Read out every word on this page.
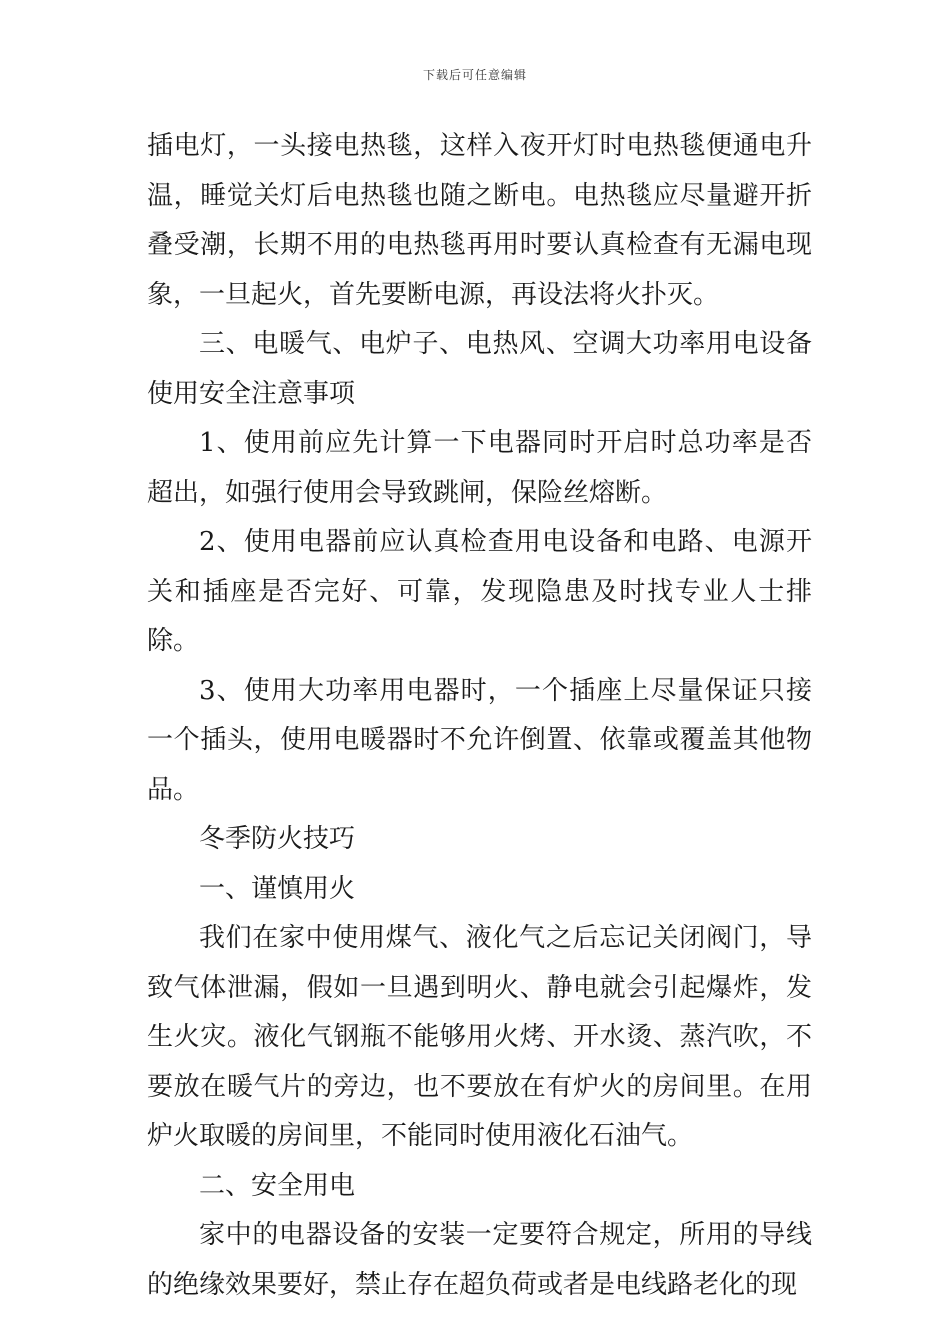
下载后可任意编辑

插电灯，一头接电热毯，这样入夜开灯时电热毯便通电升温，睡觉关灯后电热毯也随之断电。电热毯应尽量避开折叠受潮，长期不用的电热毯再用时要认真检查有无漏电现象，一旦起火，首先要断电源，再设法将火扑灭。

三、电暖气、电炉子、电热风、空调大功率用电设备使用安全注意事项

1、使用前应先计算一下电器同时开启时总功率是否超出，如强行使用会导致跳闸，保险丝熔断。

2、使用电器前应认真检查用电设备和电路、电源开关和插座是否完好、可靠，发现隐患及时找专业人士排除。

3、使用大功率用电器时，一个插座上尽量保证只接一个插头，使用电暖器时不允许倒置、依靠或覆盖其他物品。

冬季防火技巧

一、谨慎用火

我们在家中使用煤气、液化气之后忘记关闭阀门，导致气体泄漏，假如一旦遇到明火、静电就会引起爆炸，发生火灾。液化气钢瓶不能够用火烤、开水烫、蒸汽吹，不要放在暖气片的旁边，也不要放在有炉火的房间里。在用炉火取暖的房间里，不能同时使用液化石油气。

二、安全用电

家中的电器设备的安装一定要符合规定，所用的导线的绝缘效果要好，禁止存在超负荷或者是电线路老化的现
